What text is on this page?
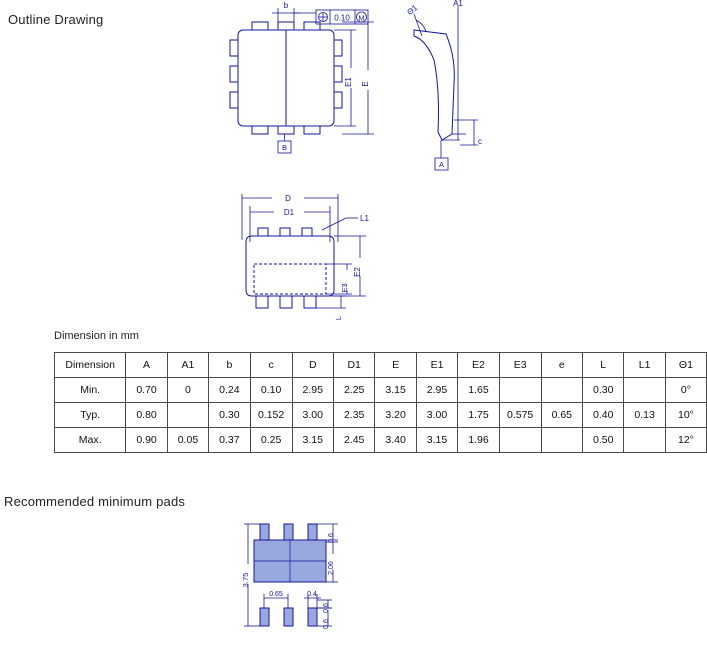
Outline Drawing
Recommended minimum pads
Dimension in mm
b
0.10 M
E1 E
B
A1
Θ1
c
A
D
D1
L1
E2
E3
L
3.75
0.6
2.06
0.65	0.4
0.6
0.6
Dimension	A	A1	b	c	D	D1	E	E1	E2	E3	e	L	L1	Θ1
Min.	0.70	0	0.24	0.10	2.95	2.25	3.15	2.95	1.65			0.30		0°
Typ.	0.80		0.30	0.152	3.00	2.35	3.20	3.00	1.75	0.575	0.65	0.40	0.13	10°
Max.	0.90	0.05	0.37	0.25	3.15	2.45	3.40	3.15	1.96			0.50		12°
